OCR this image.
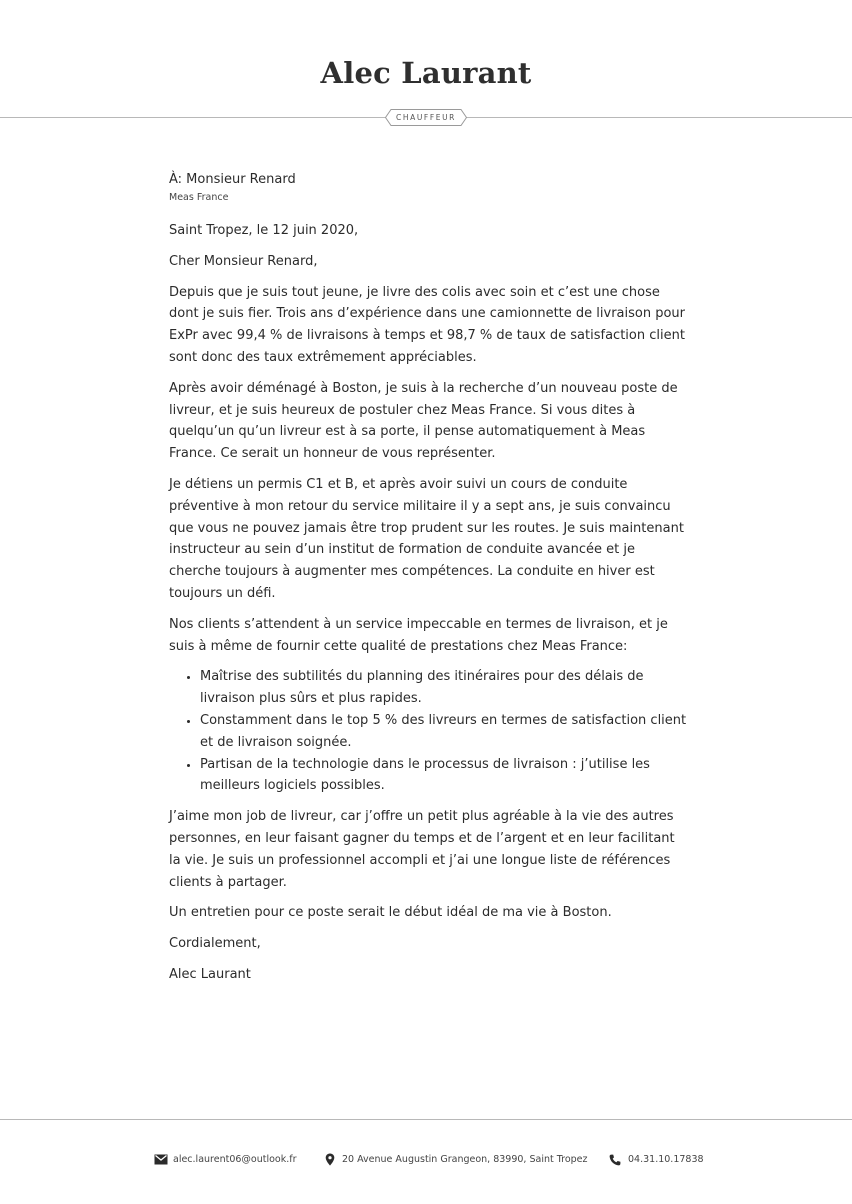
Alec Laurant
CHAUFFEUR

À: Monsieur Renard

Meas France

Saint Tropez, le 12 juin 2020,

Cher Monsieur Renard,

Depuis que je suis tout jeune, je livre des colis avec soin et c’est une chose dont je suis fier. Trois ans d’expérience dans une camionnette de livraison pour ExPr avec 99,4 % de livraisons à temps et 98,7 % de taux de satisfaction client sont donc des taux extrêmement appréciables.

Après avoir déménagé à Boston, je suis à la recherche d’un nouveau poste de livreur, et je suis heureux de postuler chez Meas France. Si vous dites à quelqu’un qu’un livreur est à sa porte, il pense automatiquement à Meas France. Ce serait un honneur de vous représenter.

Je détiens un permis C1 et B, et après avoir suivi un cours de conduite préventive à mon retour du service militaire il y a sept ans, je suis convaincu que vous ne pouvez jamais être trop prudent sur les routes. Je suis maintenant instructeur au sein d’un institut de formation de conduite avancée et je cherche toujours à augmenter mes compétences. La conduite en hiver est toujours un défi.

Nos clients s’attendent à un service impeccable en termes de livraison, et je suis à même de fournir cette qualité de prestations chez Meas France:

• Maîtrise des subtilités du planning des itinéraires pour des délais de livraison plus sûrs et plus rapides.
• Constamment dans le top 5 % des livreurs en termes de satisfaction client et de livraison soignée.
• Partisan de la technologie dans le processus de livraison : j’utilise les meilleurs logiciels possibles.

J’aime mon job de livreur, car j’offre un petit plus agréable à la vie des autres personnes, en leur faisant gagner du temps et de l’argent et en leur facilitant la vie. Je suis un professionnel accompli et j’ai une longue liste de références clients à partager.

Un entretien pour ce poste serait le début idéal de ma vie à Boston.

Cordialement,

Alec Laurant

alec.laurent06@outlook.fr	20 Avenue Augustin Grangeon, 83990, Saint Tropez	04.31.10.17838
